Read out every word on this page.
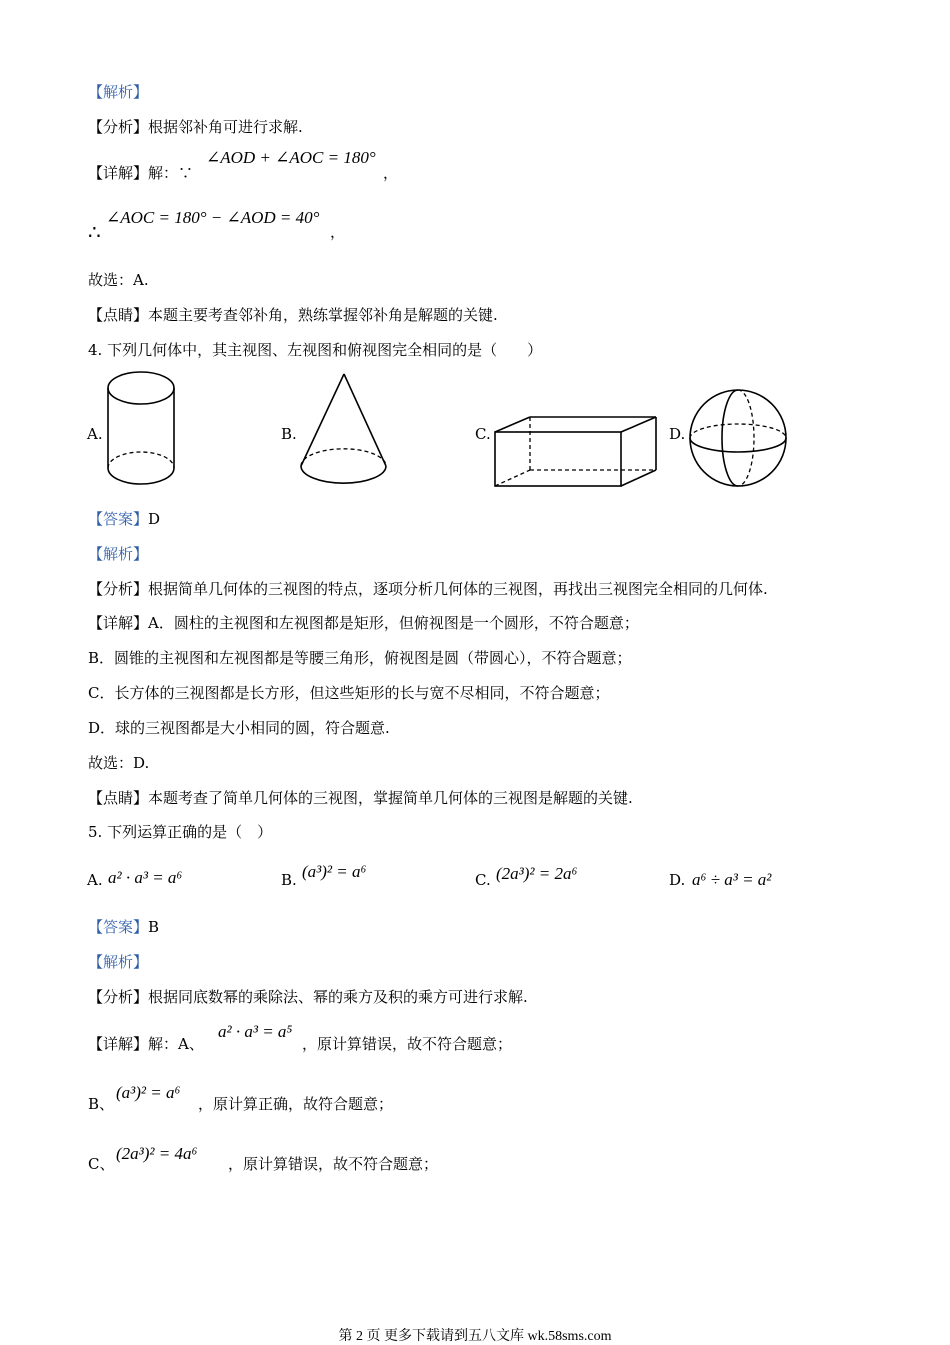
【解析】
【分析】根据邻补角可进行求解.
【详解】解：∵
∠AOD + ∠AOC = 180°
，
∴
∠AOC = 180° − ∠AOD = 40°
，
故选：A.
【点睛】本题主要考查邻补角，熟练掌握邻补角是解题的关键.
4. 下列几何体中，其主视图、左视图和俯视图完全相同的是（　　）
A.	B.	C.	D.
【答案】D
【解析】
【分析】根据简单几何体的三视图的特点，逐项分析几何体的三视图，再找出三视图完全相同的几何体.
【详解】A．圆柱的主视图和左视图都是矩形，但俯视图是一个圆形，不符合题意；
B．圆锥的主视图和左视图都是等腰三角形，俯视图是圆（带圆心），不符合题意；
C．长方体的三视图都是长方形，但这些矩形的长与宽不尽相同，不符合题意；
D．球的三视图都是大小相同的圆，符合题意.
故选：D.
【点睛】本题考查了简单几何体的三视图，掌握简单几何体的三视图是解题的关键.
5. 下列运算正确的是（　）
A. a² · a³ = a⁶	B. (a³)² = a⁶	C. (2a³)² = 2a⁶	D. a⁶ ÷ a³ = a²
【答案】B
【解析】
【分析】根据同底数幂的乘除法、幂的乘方及积的乘方可进行求解.
【详解】解：A、
a² · a³ = a⁵
，原计算错误，故不符合题意；
B、
(a³)² = a⁶
，原计算正确，故符合题意；
C、
(2a³)² = 4a⁶
，原计算错误，故不符合题意；
第 2 页 更多下载请到五八文库 wk.58sms.com
